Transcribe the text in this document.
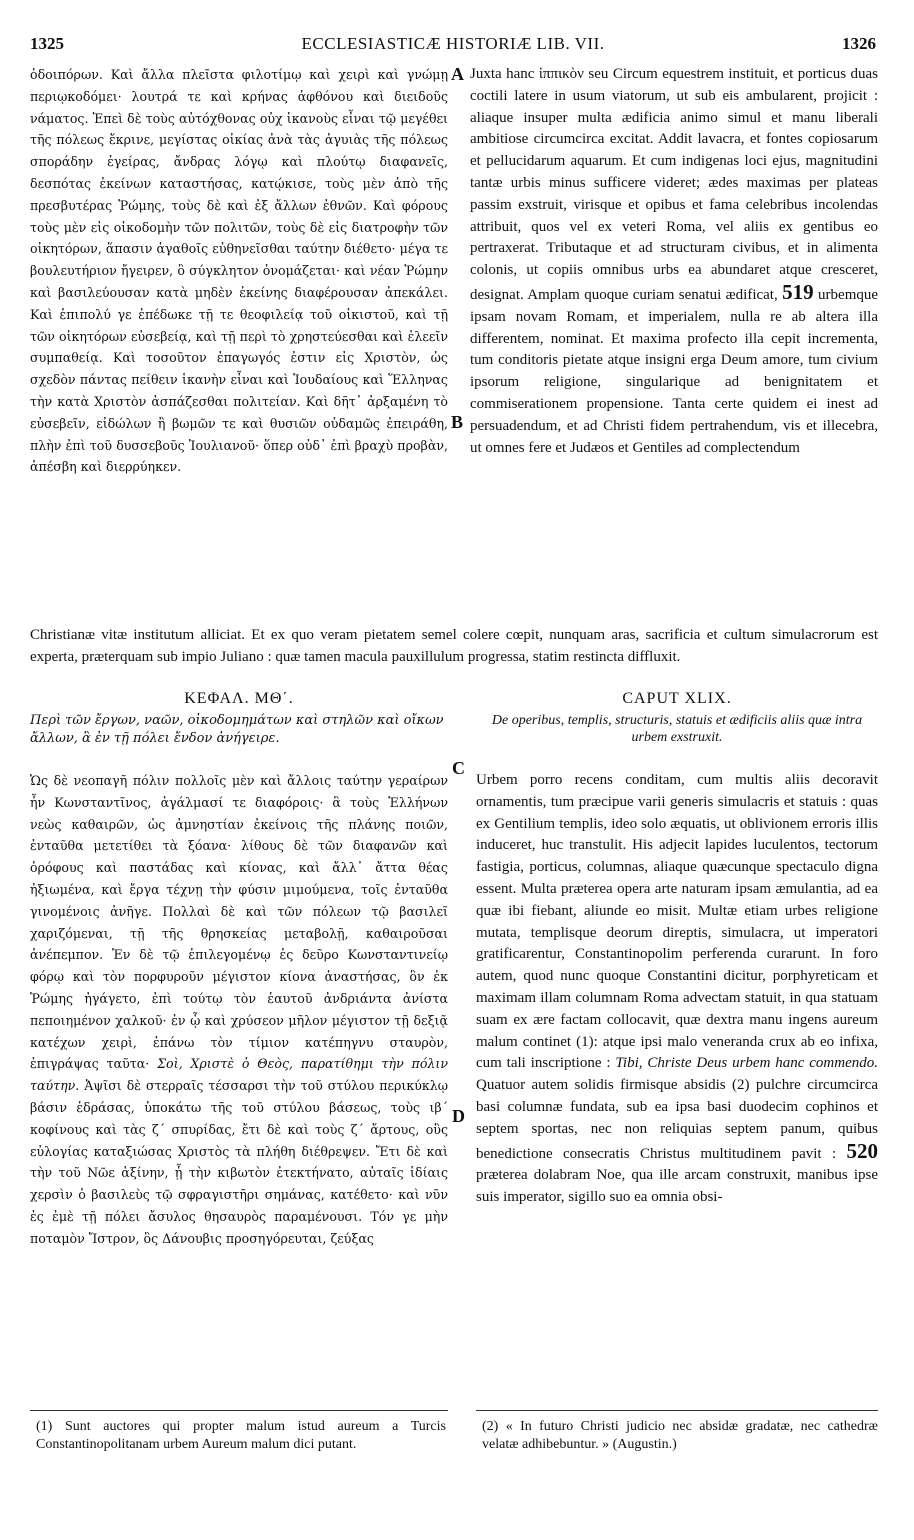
1325	ECCLESIASTICÆ HISTORIÆ LIB. VII.	1326
A
B
C
D

ὁδοιπόρων. Καὶ ἄλλα πλεῖστα φιλοτίμῳ καὶ χειρὶ καὶ γνώμῃ περιῳκοδόμει· λουτρά τε καὶ κρήνας ἀφθόνου καὶ διειδοῦς νάματος. Ἐπεὶ δὲ τοὺς αὐτόχθονας οὐχ ἱκανοὺς εἶναι τῷ μεγέθει τῆς πόλεως ἔκρινε, μεγίστας οἰκίας ἀνὰ τὰς ἀγυιὰς τῆς πόλεως σποράδην ἐγείρας, ἄνδρας λόγῳ καὶ πλούτῳ διαφανεῖς, δεσπότας ἐκείνων καταστήσας, κατῴκισε, τοὺς μὲν ἀπὸ τῆς πρεσβυτέρας Ῥώμης, τοὺς δὲ καὶ ἐξ ἄλλων ἐθνῶν. Καὶ φόρους τοὺς μὲν εἰς οἰκοδομὴν τῶν πολιτῶν, τοὺς δὲ εἰς διατροφὴν τῶν οἰκητόρων, ἅπασιν ἀγαθοῖς εὐθηνεῖσθαι ταύτην διέθετο· μέγα τε βουλευτήριον ἤγειρεν, ὃ σύγκλητον ὀνομάζεται· καὶ νέαν Ῥώμην καὶ βασιλεύουσαν κατὰ μηδὲν ἐκείνης διαφέρουσαν ἀπεκάλει. Καὶ ἐπιπολύ γε ἐπέδωκε τῇ τε θεοφιλείᾳ τοῦ οἰκιστοῦ, καὶ τῇ τῶν οἰκητόρων εὐσεβείᾳ, καὶ τῇ περὶ τὸ χρηστεύεσθαι καὶ ἐλεεῖν συμπαθείᾳ. Καὶ τοσοῦτον ἐπαγωγός ἐστιν εἰς Χριστὸν, ὡς σχεδὸν πάντας πείθειν ἱκανὴν εἶναι καὶ Ἰουδαίους καὶ Ἕλληνας τὴν κατὰ Χριστὸν ἀσπάζεσθαι πολιτείαν. Καὶ δῆτ᾽ ἀρξαμένη τὸ εὐσεβεῖν, εἰδώλων ἢ βωμῶν τε καὶ θυσιῶν οὐδαμῶς ἐπειράθη, πλὴν ἐπὶ τοῦ δυσσεβοῦς Ἰουλιανοῦ· ὅπερ οὐδ᾽ ἐπὶ βραχὺ προβὰν, ἀπέσβη καὶ διερρύηκεν.

Juxta hanc ἱππικὸν seu Circum equestrem instituit, et porticus duas coctili latere in usum viatorum, ut sub eis ambularent, projicit : aliaque insuper multa ædificia animo simul et manu liberali ambitiose circumcirca excitat. Addit lavacra, et fontes copiosarum et pellucidarum aquarum. Et cum indigenas loci ejus, magnitudini tantæ urbis minus sufficere videret; ædes maximas per plateas passim exstruit, virisque et opibus et fama celebribus incolendas attribuit, quos vel ex veteri Roma, vel aliis ex gentibus eo pertraxerat. Tributaque et ad structuram civibus, et in alimenta colonis, ut copiis omnibus urbs ea abundaret atque cresceret, designat. Amplam quoque curiam senatui ædificat, 519 urbemque ipsam novam Romam, et imperialem, nulla re ab altera illa differentem, nominat. Et maxima profecto illa cepit incrementa, tum conditoris pietate atque insigni erga Deum amore, tum civium ipsorum religione, singularique ad benignitatem et commiserationem propensione. Tanta certe quidem ei inest ad persuadendum, et ad Christi fidem pertrahendum, vis et illecebra, ut omnes fere et Judæos et Gentiles ad complectendum

Christianæ vitæ institutum alliciat. Et ex quo veram pietatem semel colere cœpit, nunquam aras, sacrificia et cultum simulacrorum est experta, præterquam sub impio Juliano : quæ tamen macula pauxillulum progressa, statim restincta diffluxit.
ΚΕΦΑΛ. ΜΘ΄.
Περὶ τῶν ἔργων, ναῶν, οἰκοδομημάτων καὶ στηλῶν καὶ οἴκων ἄλλων, ἃ ἐν τῇ πόλει ἔνδον ἀνήγειρε.
CAPUT XLIX.
De operibus, templis, structuris, statuis et ædificiis aliis quæ intra urbem exstruxit.

Ὡς δὲ νεοπαγῆ πόλιν πολλοῖς μὲν καὶ ἄλλοις ταύτην γεραίρων ἦν Κωνσταντῖνος, ἀγάλμασί τε διαφόροις· ἃ τοὺς Ἑλλήνων νεὼς καθαιρῶν, ὡς ἀμνηστίαν ἐκείνοις τῆς πλάνης ποιῶν, ἐνταῦθα μετετίθει τὰ ξόανα· λίθους δὲ τῶν διαφανῶν καὶ ὀρόφους καὶ παστάδας καὶ κίονας, καὶ ἄλλ᾽ ἄττα θέας ἠξιωμένα, καὶ ἔργα τέχνῃ τὴν φύσιν μιμούμενα, τοῖς ἐνταῦθα γινομένοις ἀνῆγε. Πολλαὶ δὲ καὶ τῶν πόλεων τῷ βασιλεῖ χαριζόμεναι, τῇ τῆς θρησκείας μεταβολῇ, καθαιροῦσαι ἀνέπεμπον. Ἐν δὲ τῷ ἐπιλεγομένῳ ἐς δεῦρο Κωνσταντινείῳ φόρῳ καὶ τὸν πορφυροῦν μέγιστον κίονα ἀναστήσας, ὃν ἐκ Ῥώμης ἠγάγετο, ἐπὶ τούτῳ τὸν ἑαυτοῦ ἀνδριάντα ἀνίστα πεποιημένον χαλκοῦ· ἐν ᾧ καὶ χρύσεον μῆλον μέγιστον τῇ δεξιᾷ κατέχων χειρὶ, ἐπάνω τὸν τίμιον κατέπηγνυ σταυρὸν, ἐπιγράψας ταῦτα· Σοὶ, Χριστὲ ὁ Θεὸς, παρατίθημι τὴν πόλιν ταύτην. Ἀψῖσι δὲ στερραῖς τέσσαρσι τὴν τοῦ στύλου περικύκλῳ βάσιν ἑδράσας, ὑποκάτω τῆς τοῦ στύλου βάσεως, τοὺς ιβ΄ κοφίνους καὶ τὰς ζ΄ σπυρίδας, ἔτι δὲ καὶ τοὺς ζ΄ ἄρτους, οὓς εὐλογίας καταξιώσας Χριστὸς τὰ πλήθη διέθρεψεν. Ἔτι δὲ καὶ τὴν τοῦ Νῶε ἀξίνην, ᾗ τὴν κιβωτὸν ἐτεκτήνατο, αὐταῖς ἰδίαις χερσὶν ὁ βασιλεὺς τῷ σφραγιστῆρι σημάνας, κατέθετο· καὶ νῦν ἐς ἐμὲ τῇ πόλει ἄσυλος θησαυρὸς παραμένουσι. Τόν γε μὴν ποταμὸν Ἴστρον, ὃς Δάνουβις προσηγόρευται, ζεύξας

Urbem porro recens conditam, cum multis aliis decoravit ornamentis, tum præcipue varii generis simulacris et statuis : quas ex Gentilium templis, ideo solo æquatis, ut oblivionem erroris illis induceret, huc transtulit. His adjecit lapides luculentos, tectorum fastigia, porticus, columnas, aliaque quæcunque spectaculo digna essent. Multa præterea opera arte naturam ipsam æmulantia, ad ea quæ ibi fiebant, aliunde eo misit. Multæ etiam urbes religione mutata, templisque deorum direptis, simulacra, ut imperatori gratificarentur, Constantinopolim perferenda curarunt. In foro autem, quod nunc quoque Constantini dicitur, porphyreticam et maximam illam columnam Roma advectam statuit, in qua statuam suam ex ære factam collocavit, quæ dextra manu ingens aureum malum continet (1): atque ipsi malo veneranda crux ab eo infixa, cum tali inscriptione : Tibi, Christe Deus urbem hanc commendo. Quatuor autem solidis firmisque absidis (2) pulchre circumcirca basi columnæ fundata, sub ea ipsa basi duodecim cophinos et septem sportas, nec non reliquias septem panum, quibus benedictione consecratis Christus multitudinem pavit : 520 præterea dolabram Noe, qua ille arcam construxit, manibus ipse suis imperator, sigillo suo ea omnia obsi-

(1) Sunt auctores qui propter malum istud aureum a Turcis Constantinopolitanam urbem Aureum malum dici putant.
(2) « In futuro Christi judicio nec absidæ gradatæ, nec cathedræ velatæ adhibebuntur. » (Augustin.)
